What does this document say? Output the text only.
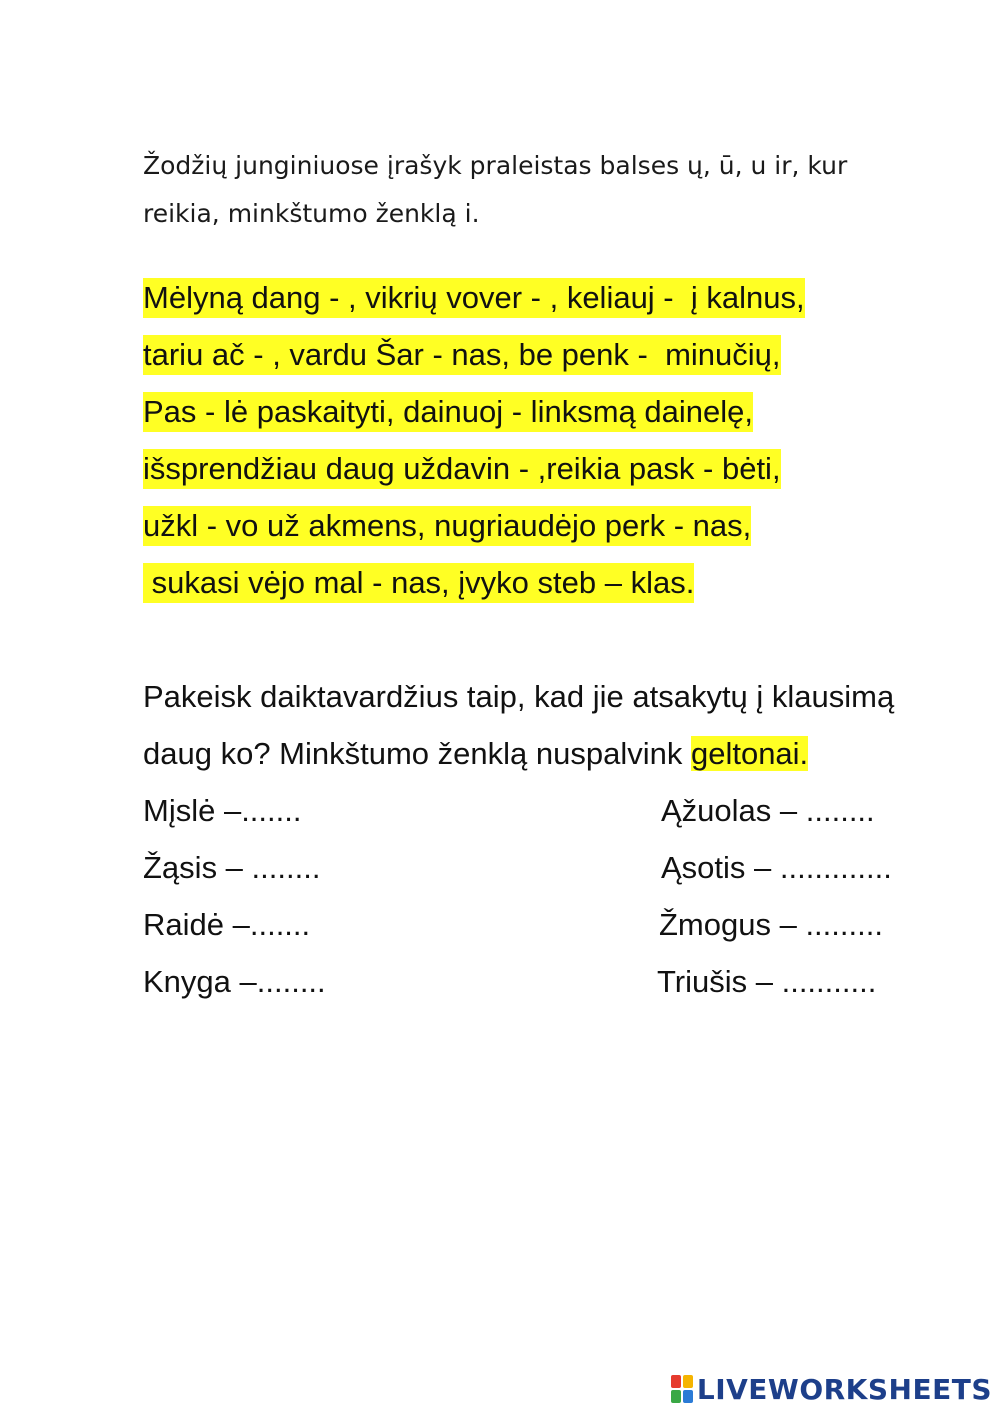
Žodžių junginiuose įrašyk praleistas balses ų, ū, u ir, kur reikia, minkštumo ženklą i.
Mėlyną dang - , vikrių vover - , keliauj -  į kalnus,
tariu ač - , vardu Šar - nas, be penk -  minučių,
Pas - lė paskaityti, dainuoj - linksmą dainelę,
išsprendžiau daug uždavin - ,reikia pask - bėti,
užkl - vo už akmens, nugriaudėjo perk - nas,
sukasi vėjo mal - nas, įvyko steb – klas.
Pakeisk daiktavardžius taip, kad jie atsakytų į klausimą
daug ko? Minkštumo ženklą nuspalvink geltonai.
Mįslė –.......
Žąsis – ........
Raidė –.......
Knyga –........
Ąžuolas – ........
Ąsotis – .............
Žmogus – .........
Triušis – ...........
LIVEWORKSHEETS
